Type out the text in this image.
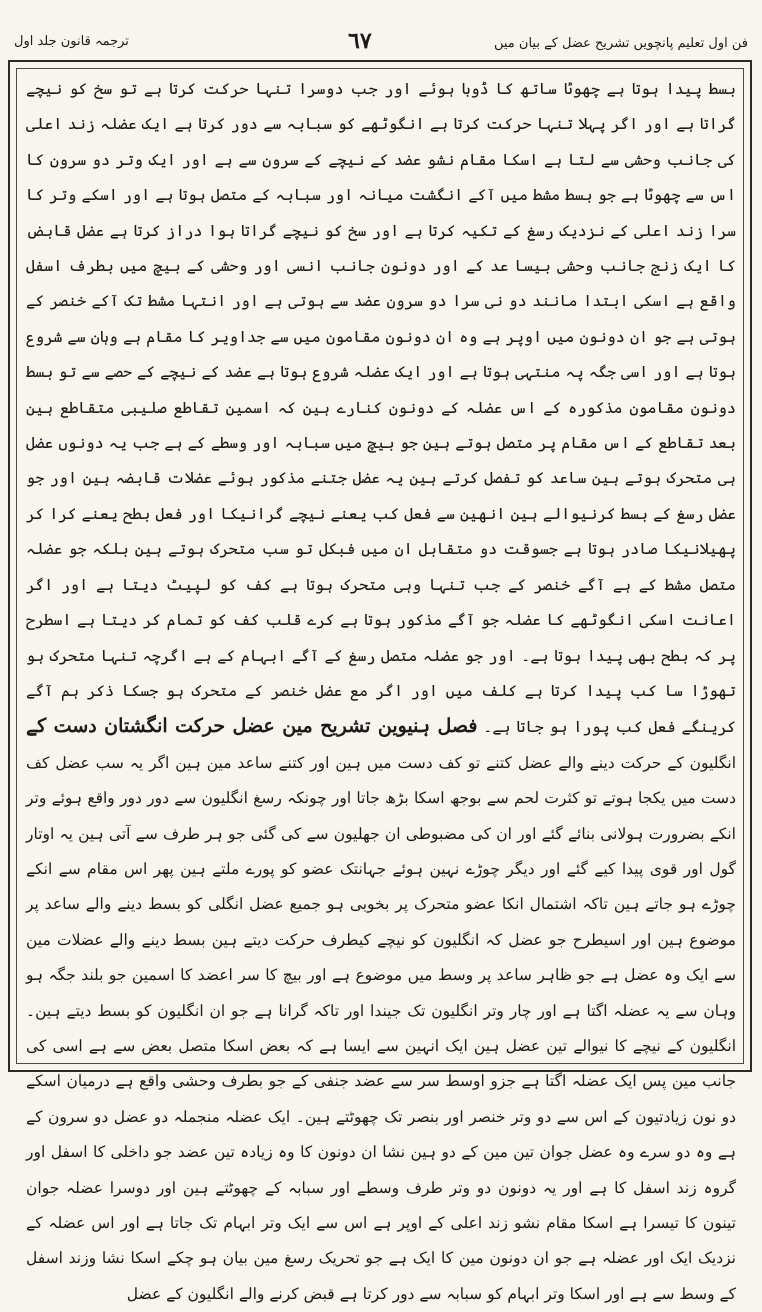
ترجمہ قانون جلد اول	٦٧	فن اول تعلیم پانچویں تشریح عضل کے بیان میں

بسط پیدا ہوتا ہے چھوٹا ساتھ کا ڈوبا ہوئے اور جب دوسرا تنہا حرکت کرتا ہے تو سخ کو نیچے گراتا ہے اور اگر پہلا تنہا حرکت کرتا ہے انگوٹھے کو سبابہ سے دور کرتا ہے ایک عضلہ زند اعلی کی جانب وحشی سے لتا ہے اسکا مقام نشو عضد کے نیچے کے سرون سے ہے اور ایک وتر دو سرون کا اس سے چھوٹا ہے جو بسط مشط میں آکے انگشت میانہ اور سبابہ کے متصل ہوتا ہے اور اسکے وتر کا سرا زند اعلی کے نزدیک رسغ کے تکیہ کرتا ہے اور سخ کو نیچے گراتا ہوا دراز کرتا ہے عضل قابض کا ایک زنج جانب وحشی بیسا عد کے اور دونون جانب انسی اور وحشی کے بیچ میں بطرف اسفل واقع ہے اسکی ابتدا مانند دو نی سرا دو سرون عضد سے ہوتی ہے اور انتہا مشط تک آکے خنصر کے ہوتی ہے جو ان دونون میں اوپر ہے وہ ان دونون مقامون میں سے جداویر کا مقام ہے وہان سے شروع ہوتا ہے اور اسی جگہ پہ منتہی ہوتا ہے اور ایک عضلہ شروع ہوتا ہے عضد کے نیچے کے حصے سے تو بسط دونون مقامون مذکورہ کے اس عضلہ کے دونون کنارے ہین کہ اسمین تقاطع صلیبی متقاطع ہین بعد تقاطع کے اس مقام پر متصل ہوتے ہین جو بیچ میں سبابہ اور وسطے کے ہے جب یہ دونوں عضل ہی متحرک ہوتے ہین ساعد کو تفصل کرتے ہین یہ عضل جتنے مذکور ہوئے عضلات قابضہ ہین اور جو عضل رسغ کے بسط کرنیوالے ہین انھین سے فعل کب یعنے نیچے گرانیکا اور فعل بطح یعنے کرا کر پھیلانیکا صادر ہوتا ہے جسوقت دو متقابل ان میں فبکل تو سب متحرک ہوتے ہین بلکہ جو عضلہ متصل مشط کے ہے آگے خنصر کے جب تنہا وہی متحرک ہوتا ہے کف کو لپیٹ دیتا ہے اور اگر اعانت اسکی انگوٹھے کا عضلہ جو آگے مذکور ہوتا ہے کرے قلب کف کو تمام کر دیتا ہے اسطرح پر کہ بطح بھی پیدا ہوتا ہے۔ اور جو عضلہ متصل رسغ کے آگے ابہام کے ہے اگرچہ تنہا متحرک ہو تھوڑا سا کب پیدا کرتا ہے کلف میں اور اگر مع عضل خنصر کے متحرک ہو جسکا ذکر ہم آگے کرینگے فعل کب پورا ہو جاتا ہے۔ فصل ہنیوین تشریح مین عضل حرکت انگشتان دست کے انگلیون کے حرکت دینے والے عضل کتنے تو کف دست میں ہین اور کتنے ساعد مین ہین اگر یہ سب عضل کف دست میں یکجا ہوتے تو کثرت لحم سے بوجھ اسکا بڑھ جاتا اور چونکہ رسغ انگلیون سے دور دور واقع ہوئے وتر انکے بضرورت ہولانی بنائے گئے اور ان کی مضبوطی ان جھلیون سے کی گئی جو ہر طرف سے آتی ہین یہ اوتار گول اور قوی پیدا کیے گئے اور دیگر چوڑے نہین ہوئے جہانتک عضو کو پورے ملتے ہین پھر اس مقام سے انکے چوڑے ہو جاتے ہین تاکہ اشتمال انکا عضو متحرک پر بخوبی ہو جمیع عضل انگلی کو بسط دینے والے ساعد پر موضوع ہین اور اسیطرح جو عضل کہ انگلیون کو نیچے کیطرف حرکت دیتے ہین بسط دینے والے عضلات مین سے ایک وہ عضل ہے جو ظاہر ساعد پر وسط میں موضوع ہے اور بیچ کا سر اعضد کا اسمین جو بلند جگہ ہو وہان سے یہ عضلہ اگتا ہے اور چار وتر انگلیون تک جیندا اور تاکہ گرانا ہے جو ان انگلیون کو بسط دیتے ہین۔ انگلیون کے نیچے کا نیوالے تین عضل ہین ایک انہین سے ایسا ہے کہ بعض اسکا متصل بعض سے ہے اسی کی جانب مین پس ایک عضلہ اگتا ہے جزو اوسط سر سے عضد جنفی کے جو بطرف وحشی واقع ہے درمیان اسکے دو نون زیادتیون کے اس سے دو وتر خنصر اور بنصر تک چھوٹتے ہین۔ ایک عضلہ منجملہ دو عضل دو سرون کے ہے وہ دو سرے وہ عضل جوان تین مین کے دو ہین نشا ان دونون کا وہ زیادہ تین عضد جو داخلی کا اسفل اور گروہ زند اسفل کا ہے اور یہ دونون دو وتر طرف وسطے اور سبابہ کے چھوٹتے ہین اور دوسرا عضلہ جوان تینون کا تیسرا ہے اسکا مقام نشو زند اعلی کے اوپر ہے اس سے ایک وتر ابہام تک جاتا ہے اور اس عضلہ کے نزدیک ایک اور عضلہ ہے جو ان دونون مین کا ایک ہے جو تحریک رسغ مین بیان ہو چکے اسکا نشا وزند اسفل کے وسط سے ہے اور اسکا وتر ابہام کو سبابہ سے دور کرتا ہے قبض کرنے والے انگلیون کے عضل
